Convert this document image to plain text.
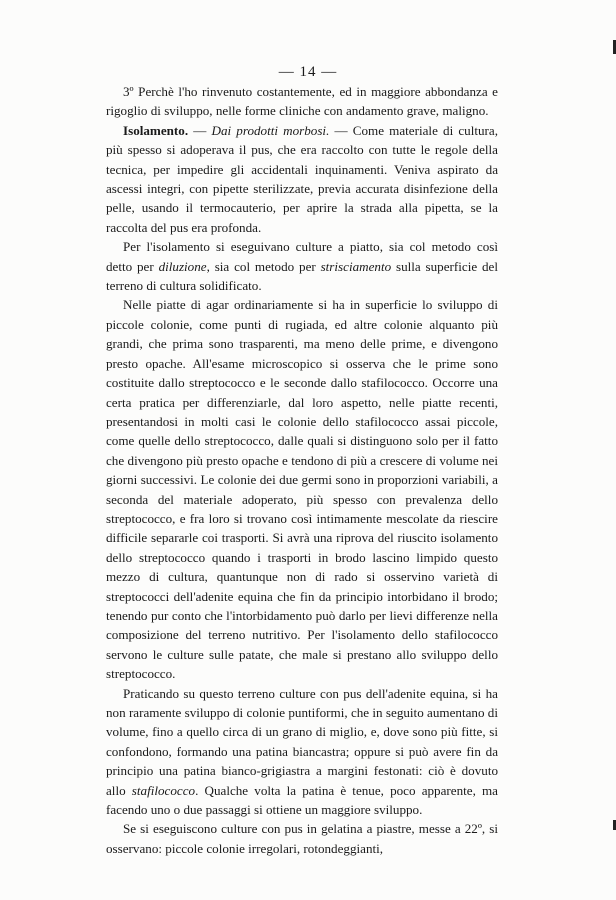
— 14 —

3º Perchè l'ho rinvenuto costantemente, ed in maggiore abbondanza e rigoglio di sviluppo, nelle forme cliniche con andamento grave, maligno.

Isolamento. — Dai prodotti morbosi. — Come materiale di cultura, più spesso si adoperava il pus, che era raccolto con tutte le regole della tecnica, per impedire gli accidentali inquinamenti. Veniva aspirato da ascessi integri, con pipette sterilizzate, previa accurata disinfezione della pelle, usando il termocauterio, per aprire la strada alla pipetta, se la raccolta del pus era profonda.

Per l'isolamento si eseguivano culture a piatto, sia col metodo così detto per diluzione, sia col metodo per strisciamento sulla superficie del terreno di cultura solidificato.

Nelle piatte di agar ordinariamente si ha in superficie lo sviluppo di piccole colonie, come punti di rugiada, ed altre colonie alquanto più grandi, che prima sono trasparenti, ma meno delle prime, e divengono presto opache. All'esame microscopico si osserva che le prime sono costituite dallo streptococco e le seconde dallo stafilococco. Occorre una certa pratica per differenziarle, dal loro aspetto, nelle piatte recenti, presentandosi in molti casi le colonie dello stafilococco assai piccole, come quelle dello streptococco, dalle quali si distinguono solo per il fatto che divengono più presto opache e tendono di più a crescere di volume nei giorni successivi. Le colonie dei due germi sono in proporzioni variabili, a seconda del materiale adoperato, più spesso con prevalenza dello streptococco, e fra loro si trovano così intimamente mescolate da riescire difficile separarle coi trasporti. Si avrà una riprova del riuscito isolamento dello streptococco quando i trasporti in brodo lascino limpido questo mezzo di cultura, quantunque non di rado si osservino varietà di streptococci dell'adenite equina che fin da principio intorbidano il brodo; tenendo pur conto che l'intorbidamento può darlo per lievi differenze nella composizione del terreno nutritivo. Per l'isolamento dello stafilococco servono le culture sulle patate, che male si prestano allo sviluppo dello streptococco.

Praticando su questo terreno culture con pus dell'adenite equina, si ha non raramente sviluppo di colonie puntiformi, che in seguito aumentano di volume, fino a quello circa di un grano di miglio, e, dove sono più fitte, si confondono, formando una patina biancastra; oppure si può avere fin da principio una patina bianco-grigiastra a margini festonati: ciò è dovuto allo stafilococco. Qualche volta la patina è tenue, poco apparente, ma facendo uno o due passaggi si ottiene un maggiore sviluppo.

Se si eseguiscono culture con pus in gelatina a piastre, messe a 22º, si osservano: piccole colonie irregolari, rotondeggianti,
